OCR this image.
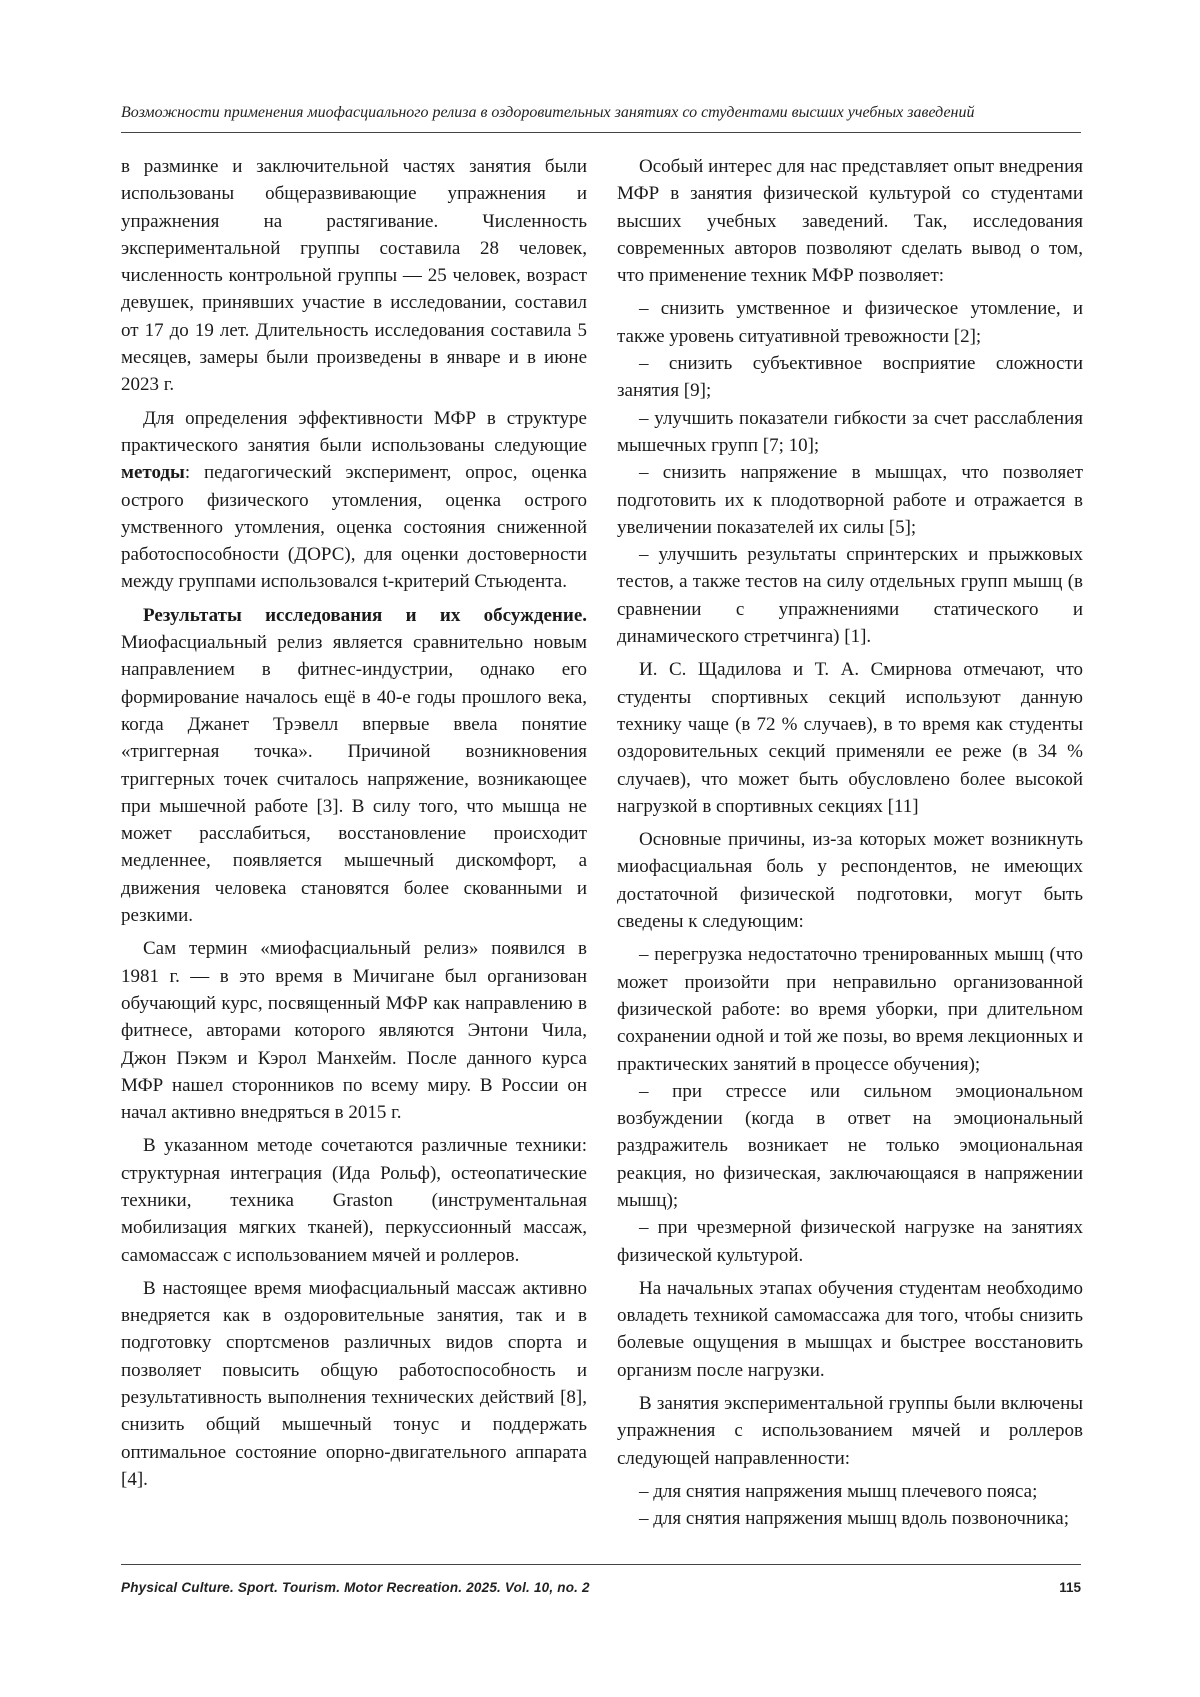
Возможности применения миофасциального релиза в оздоровительных занятиях со студентами высших учебных заведений

в разминке и заключительной частях занятия были использованы общеразвивающие упражнения и упражнения на растягивание. Численность экспериментальной группы составила 28 человек, численность контрольной группы — 25 человек, возраст девушек, принявших участие в исследовании, составил от 17 до 19 лет. Длительность исследования составила 5 месяцев, замеры были произведены в январе и в июне 2023 г.

Для определения эффективности МФР в структуре практического занятия были использованы следующие методы: педагогический эксперимент, опрос, оценка острого физического утомления, оценка острого умственного утомления, оценка состояния сниженной работоспособности (ДОРС), для оценки достоверности между группами использовался t-критерий Стьюдента.

Результаты исследования и их обсуждение. Миофасциальный релиз является сравнительно новым направлением в фитнес-индустрии, однако его формирование началось ещё в 40-е годы прошлого века, когда Джанет Трэвелл впервые ввела понятие «триггерная точка». Причиной возникновения триггерных точек считалось напряжение, возникающее при мышечной работе [3]. В силу того, что мышца не может расслабиться, восстановление происходит медленнее, появляется мышечный дискомфорт, а движения человека становятся более скованными и резкими.

Сам термин «миофасциальный релиз» появился в 1981 г. — в это время в Мичигане был организован обучающий курс, посвященный МФР как направлению в фитнесе, авторами которого являются Энтони Чила, Джон Пэкэм и Кэрол Манхейм. После данного курса МФР нашел сторонников по всему миру. В России он начал активно внедряться в 2015 г.

В указанном методе сочетаются различные техники: структурная интеграция (Ида Рольф), остеопатические техники, техника Graston (инструментальная мобилизация мягких тканей), перкуссионный массаж, самомассаж с использованием мячей и роллеров.

В настоящее время миофасциальный массаж активно внедряется как в оздоровительные занятия, так и в подготовку спортсменов различных видов спорта и позволяет повысить общую работоспособность и результативность выполнения технических действий [8], снизить общий мышечный тонус и поддержать оптимальное состояние опорно-двигательного аппарата [4].

Особый интерес для нас представляет опыт внедрения МФР в занятия физической культурой со студентами высших учебных заведений. Так, исследования современных авторов позволяют сделать вывод о том, что применение техник МФР позволяет:

– снизить умственное и физическое утомление, и также уровень ситуативной тревожности [2];

– снизить субъективное восприятие сложности занятия [9];

– улучшить показатели гибкости за счет расслабления мышечных групп [7; 10];

– снизить напряжение в мышцах, что позволяет подготовить их к плодотворной работе и отражается в увеличении показателей их силы [5];

– улучшить результаты спринтерских и прыжковых тестов, а также тестов на силу отдельных групп мышц (в сравнении с упражнениями статического и динамического стретчинга) [1].

И. С. Щадилова и Т. А. Смирнова отмечают, что студенты спортивных секций используют данную технику чаще (в 72 % случаев), в то время как студенты оздоровительных секций применяли ее реже (в 34 % случаев), что может быть обусловлено более высокой нагрузкой в спортивных секциях [11]

Основные причины, из-за которых может возникнуть миофасциальная боль у респондентов, не имеющих достаточной физической подготовки, могут быть сведены к следующим:

– перегрузка недостаточно тренированных мышц (что может произойти при неправильно организованной физической работе: во время уборки, при длительном сохранении одной и той же позы, во время лекционных и практических занятий в процессе обучения);

– при стрессе или сильном эмоциональном возбуждении (когда в ответ на эмоциональный раздражитель возникает не только эмоциональная реакция, но физическая, заключающаяся в напряжении мышц);

– при чрезмерной физической нагрузке на занятиях физической культурой.

На начальных этапах обучения студентам необходимо овладеть техникой самомассажа для того, чтобы снизить болевые ощущения в мышцах и быстрее восстановить организм после нагрузки.

В занятия экспериментальной группы были включены упражнения с использованием мячей и роллеров следующей направленности:

– для снятия напряжения мышц плечевого пояса;

– для снятия напряжения мышц вдоль позвоночника;

Physical Culture. Sport. Tourism. Motor Recreation. 2025. Vol. 10, no. 2	115
